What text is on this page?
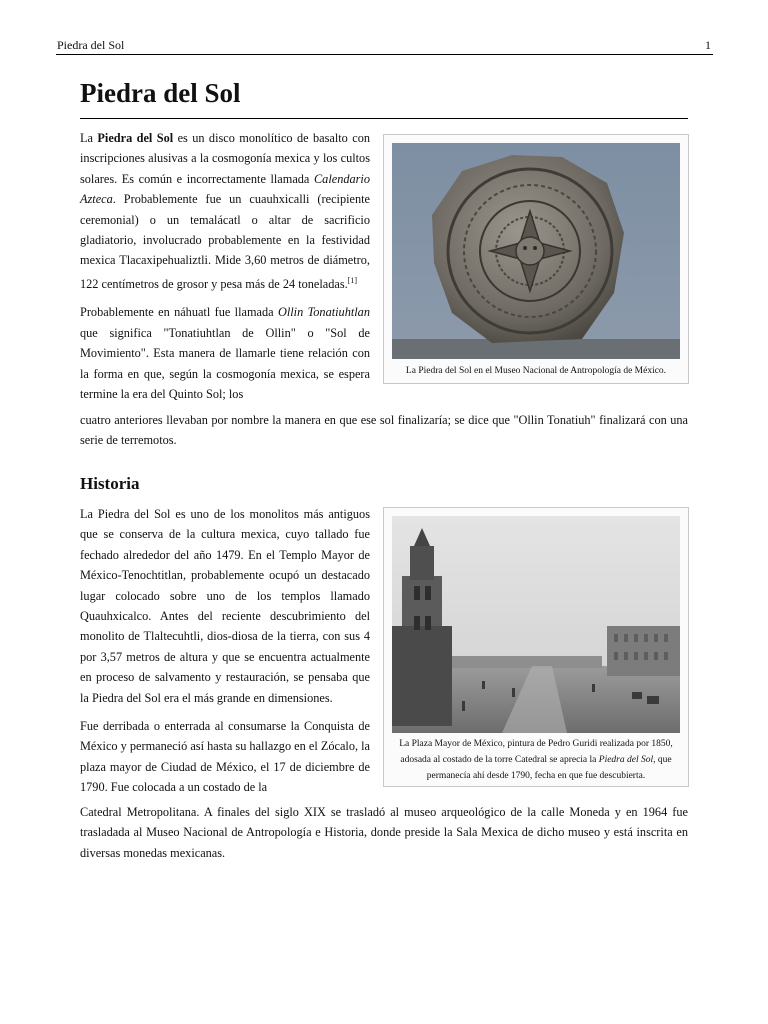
Piedra del Sol	1
Piedra del Sol

La Piedra del Sol es un disco monolítico de basalto con inscripciones alusivas a la cosmogonía mexica y los cultos solares. Es común e incorrectamente llamada Calendario Azteca. Probablemente fue un cuauhxicalli (recipiente ceremonial) o un temalácatl o altar de sacrificio gladiatorio, involucrado probablemente en la festividad mexica Tlacaxipehualiztli. Mide 3,60 metros de diámetro, 122 centímetros de grosor y pesa más de 24 toneladas.[1]

Probablemente en náhuatl fue llamada Ollin Tonatiuhtlan que significa "Tonatiuhtlan de Ollin" o "Sol de Movimiento". Esta manera de llamarle tiene relación con la forma en que, según la cosmogonía mexica, se espera termine la era del Quinto Sol; los

cuatro anteriores llevaban por nombre la manera en que ese sol finalizaría; se dice que "Ollin Tonatiuh" finalizará con una serie de terremotos.
La Piedra del Sol en el Museo Nacional de Antropología de México.
Historia

La Piedra del Sol es uno de los monolitos más antiguos que se conserva de la cultura mexica, cuyo tallado fue fechado alrededor del año 1479. En el Templo Mayor de México-Tenochtitlan, probablemente ocupó un destacado lugar colocado sobre uno de los templos llamado Quauhxicalco. Antes del reciente descubrimiento del monolito de Tlaltecuhtli, dios-diosa de la tierra, con sus 4 por 3,57 metros de altura y que se encuentra actualmente en proceso de salvamento y restauración, se pensaba que la Piedra del Sol era el más grande en dimensiones.

Fue derribada o enterrada al consumarse la Conquista de México y permaneció así hasta su hallazgo en el Zócalo, la plaza mayor de Ciudad de México, el 17 de diciembre de 1790. Fue colocada a un costado de la

Catedral Metropolitana. A finales del siglo XIX se trasladó al museo arqueológico de la calle Moneda y en 1964 fue trasladada al Museo Nacional de Antropología e Historia, donde preside la Sala Mexica de dicho museo y está inscrita en diversas monedas mexicanas.
La Plaza Mayor de México, pintura de Pedro Guridi realizada por 1850, adosada al costado de la torre Catedral se aprecia la Piedra del Sol, que permanecía ahí desde 1790, fecha en que fue descubierta.
